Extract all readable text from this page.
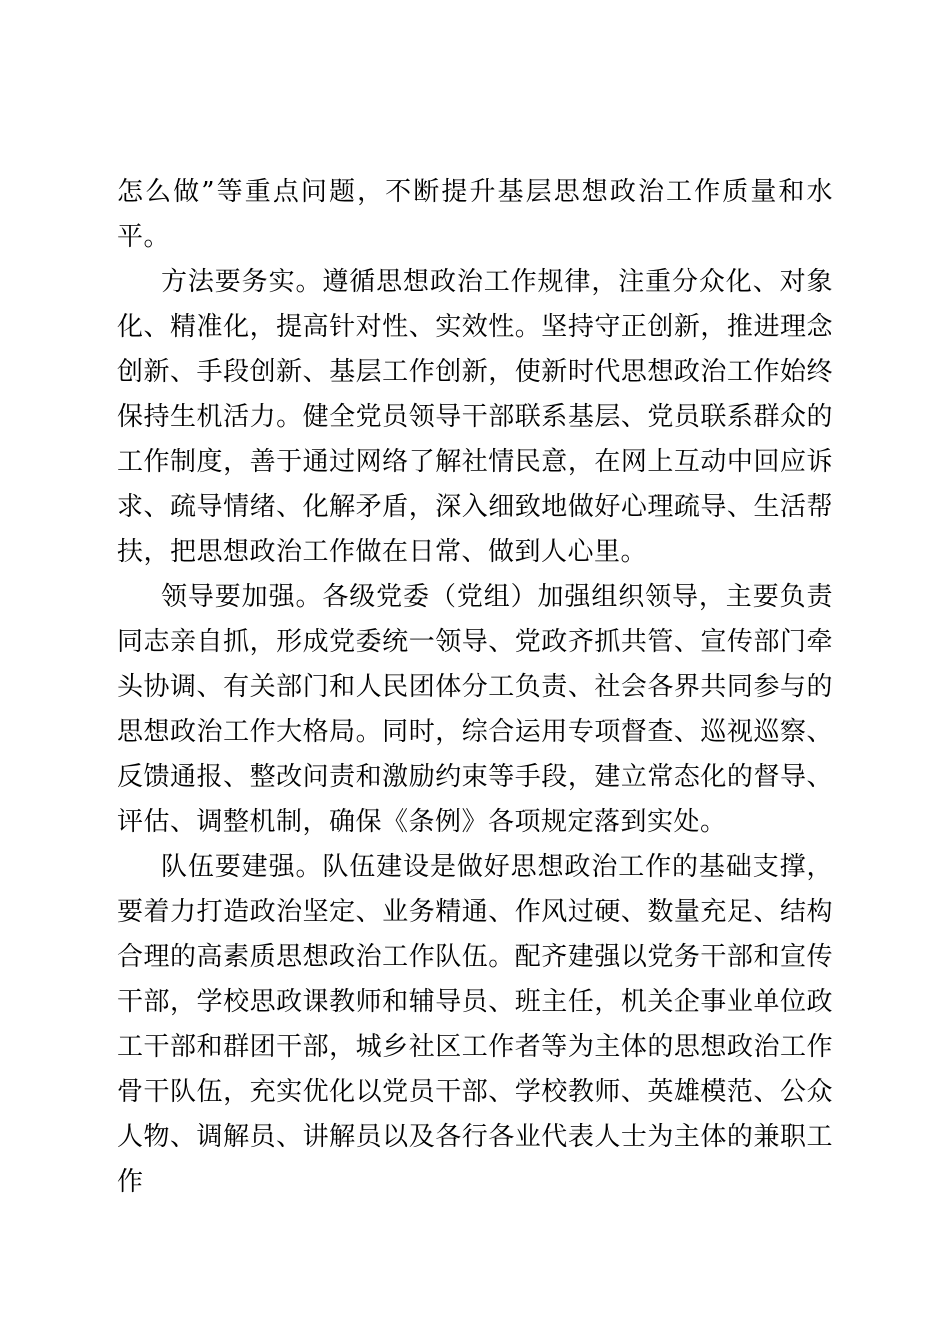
怎么做”等重点问题，不断提升基层思想政治工作质量和水平。

方法要务实。遵循思想政治工作规律，注重分众化、对象化、精准化，提高针对性、实效性。坚持守正创新，推进理念创新、手段创新、基层工作创新，使新时代思想政治工作始终保持生机活力。健全党员领导干部联系基层、党员联系群众的工作制度，善于通过网络了解社情民意，在网上互动中回应诉求、疏导情绪、化解矛盾，深入细致地做好心理疏导、生活帮扶，把思想政治工作做在日常、做到人心里。

领导要加强。各级党委（党组）加强组织领导，主要负责同志亲自抓，形成党委统一领导、党政齐抓共管、宣传部门牵头协调、有关部门和人民团体分工负责、社会各界共同参与的思想政治工作大格局。同时，综合运用专项督查、巡视巡察、反馈通报、整改问责和激励约束等手段，建立常态化的督导、评估、调整机制，确保《条例》各项规定落到实处。

队伍要建强。队伍建设是做好思想政治工作的基础支撑，要着力打造政治坚定、业务精通、作风过硬、数量充足、结构合理的高素质思想政治工作队伍。配齐建强以党务干部和宣传干部，学校思政课教师和辅导员、班主任，机关企事业单位政工干部和群团干部，城乡社区工作者等为主体的思想政治工作骨干队伍，充实优化以党员干部、学校教师、英雄模范、公众人物、调解员、讲解员以及各行各业代表人士为主体的兼职工作
